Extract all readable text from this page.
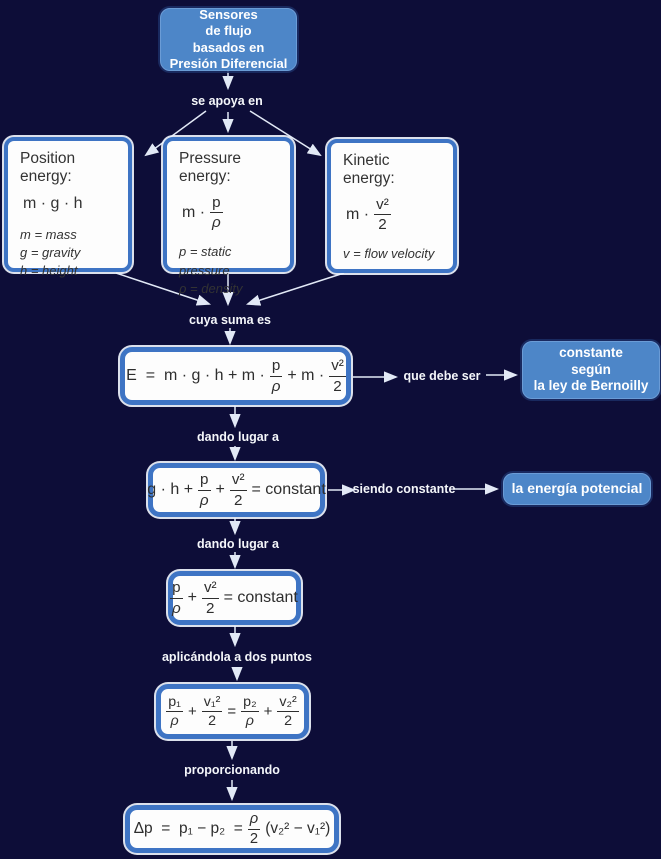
Sensores
de flujo
basados en
Presión Diferencial
se apoya en
cuya suma es
que debe ser
dando lugar a
siendo constante
dando lugar a
aplicándola a dos puntos
proporcionando
Position energy:
m · g · h
m = mass
g = gravity
h = height
Pressure energy:
$m \cdot \frac{p}{\rho}$
p = static pressure
ρ = density
Kinetic energy:
$m \cdot \frac{\text{v²}}{2}$
v = flow velocity
$E = m \cdot g \cdot h + m \cdot \frac{p}{\rho} + m \cdot \frac{\text{v²}}{2}$
constante
según
la ley de Bernoilly
$g \cdot h + \frac{p}{\rho} + \frac{\text{v²}}{2}$ = constant	la energía potencial
$\frac{p}{\rho} + \frac{\text{v²}}{2}$ = constant
$\frac{\text{p₁}}{\rho} + \frac{\text{v₁²}}{2} = \frac{\text{p₂}}{\rho} + \frac{\text{v₂²}}{2}$
$\Delta p = p_1 - p_2 = \frac{\rho}{2} (v_2^2 - v_1^2)$
